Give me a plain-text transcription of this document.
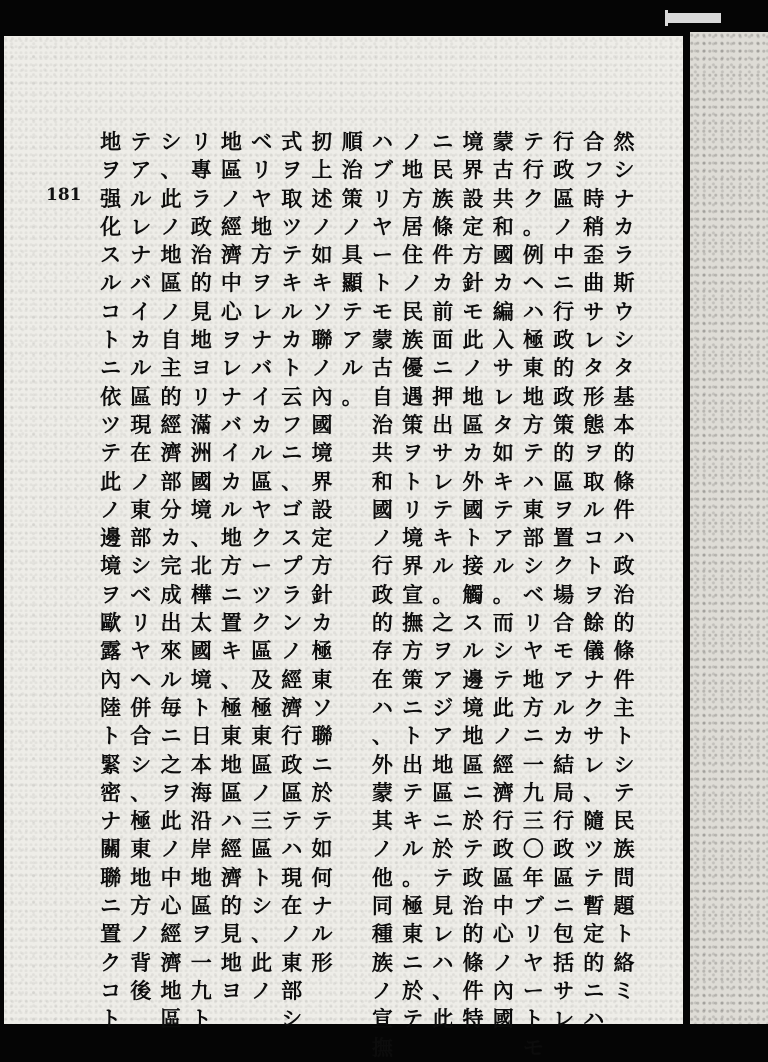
181
然
シ
ナ
カ
ラ
斯
ウ
シ
タ
基
本
的
條
件
ハ
政
治
的
條
件
主
ト
シ
テ
民
族
問
題
ト
絡
ミ
合
フ
時
稍
歪
曲
サ
レ
タ
形
態
ヲ
取
ル
コ
ト
ヲ
餘
儀
ナ
ク
サ
レ
、
隨
ツ
テ
暫
定
的
ニ
ハ
行
政
區
ノ
中
ニ
行
政
的
政
策
的
區
ヲ
置
ク
場
合
モ
ア
ル
カ
結
局
行
政
區
ニ
包
括
サ
レ
テ
行
ク
。
例
ヘ
ハ
極
東
地
方
テ
ハ
東
部
シ
ベ
リ
ヤ
地
方
ニ
一
九
三
〇
年
ブ
リ
ヤ
ー
ト
モ
蒙
古
共
和
國
カ
編
入
サ
レ
タ
如
キ
テ
ア
ル
。
而
シ
テ
此
ノ
經
濟
行
政
區
中
心
ノ
內
國
境
界
設
定
方
針
モ
此
ノ
地
區
カ
外
國
ト
接
觸
ス
ル
邊
境
地
區
ニ
於
テ
政
治
的
條
件
特
ニ
民
族
條
件
カ
前
面
ニ
押
出
サ
レ
テ
キ
ル
。
之
ヲ
ア
ジ
ア
地
區
ニ
於
テ
見
レ
ハ
、
此
ノ
地
方
居
住
ノ
民
族
優
遇
策
ヲ
ト
リ
境
界
宣
撫
方
策
ニ
ト
出
テ
キ
ル
。
極
東
ニ
於
テ
ハ
ブ
リ
ヤ
ー
ト
モ
蒙
古
自
治
共
和
國
ノ
行
政
的
存
在
ハ
、
外
蒙
其
ノ
他
同
種
族
ノ
宣
撫
順
治
策
ノ
具
顯
テ
ア
ル
。
扨
上
述
ノ
如
キ
ソ
聯
ノ
內
國
境
界
設
定
方
針
カ
極
東
ソ
聯
ニ
於
テ
如
何
ナ
ル
形
式
ヲ
取
ツ
テ
キ
ル
カ
ト
云
フ
ニ
、
ゴ
ス
プ
ラ
ン
ノ
經
濟
行
政
區
テ
ハ
現
在
ノ
東
部
シ
ベ
リ
ヤ
地
方
ヲ
レ
ナ
バ
イ
カ
ル
區
ヤ
ク
ー
ツ
ク
區
及
極
東
區
ノ
三
區
ト
シ
、
此
ノ
地
區
ノ
經
濟
中
心
ヲ
レ
ナ
バ
イ
カ
ル
地
方
ニ
置
キ
、
極
東
地
區
ハ
經
濟
的
見
地
ヨ
リ
專
ラ
政
治
的
見
地
ヨ
リ
滿
洲
國
境
、
北
樺
太
國
境
ト
日
本
海
沿
岸
地
區
ヲ
一
九
ト
シ
、
此
ノ
地
區
ノ
自
主
的
經
濟
部
分
カ
完
成
出
來
ル
毎
ニ
之
ヲ
此
ノ
中
心
經
濟
地
區
テ
ア
ル
レ
ナ
バ
イ
カ
ル
區
現
在
ノ
東
部
シ
ベ
リ
ヤ
ヘ
併
合
シ
、
極
東
地
方
ノ
背
後
地
ヲ
强
化
ス
ル
コ
ト
ニ
依
ツ
テ
此
ノ
邊
境
ヲ
歐
露
內
陸
ト
緊
密
ナ
關
聯
ニ
置
ク
コ
ト
